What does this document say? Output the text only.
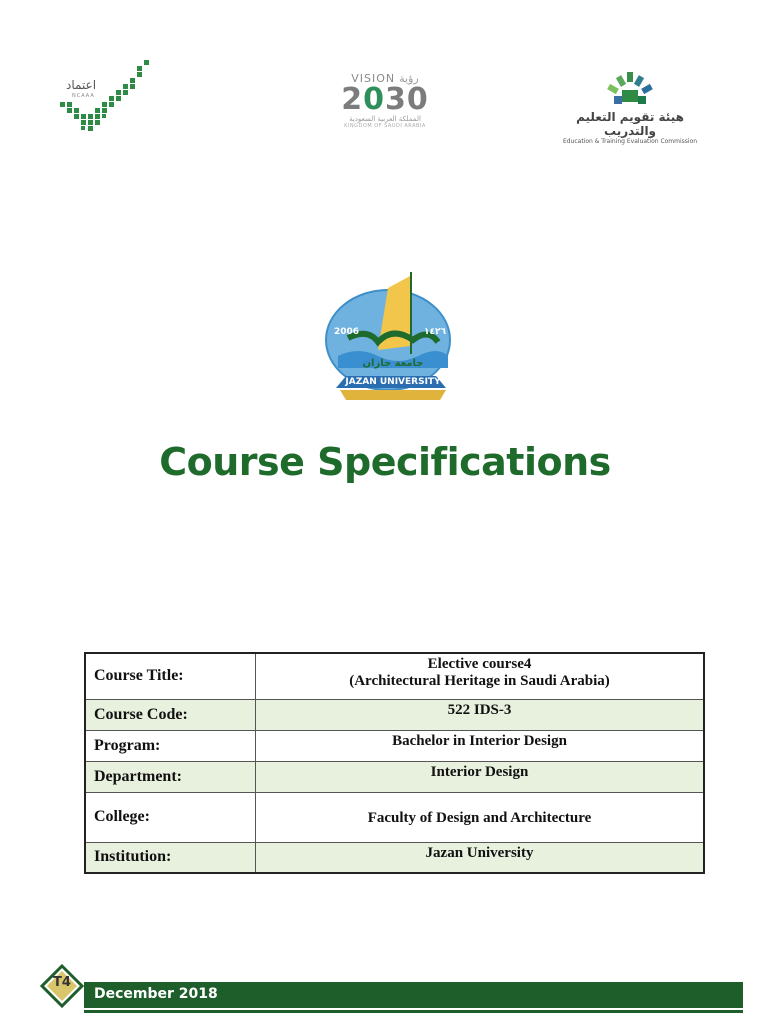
اعتماد
NCAAA
VISION رؤية
2030
المملكة العربية السعودية
KINGDOM OF SAUDI ARABIA
هيئة تقويم التعليم والتدريب
Education & Training Evaluation Commission
2006	١٤٢٦
JAZAN UNIVERSITY
جامعة جازان
Course Specifications
Course Title:	Elective course4
(Architectural Heritage in Saudi Arabia)

Course Code:	522 IDS-3
Program:	Bachelor in Interior Design
Department:	Interior Design
College:	Faculty of Design and Architecture
Institution:	Jazan University
December 2018
T4
